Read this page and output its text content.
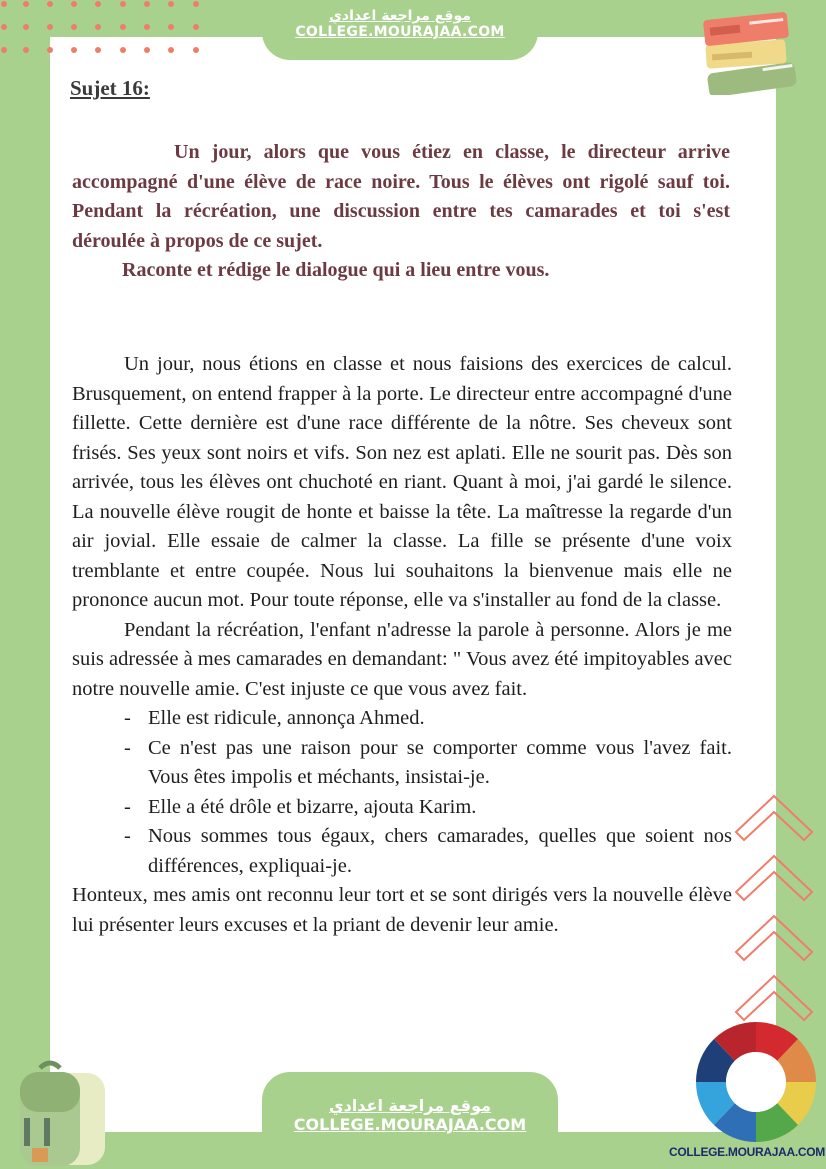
موقع مراجعة اعدادي
COLLEGE.MOURAJAA.COM
Sujet 16:

Un jour, alors que vous étiez en classe, le directeur arrive accompagné d'une élève de race noire. Tous le élèves ont rigolé sauf toi. Pendant la récréation, une discussion entre tes camarades et toi s'est déroulée à propos de ce sujet.

Raconte et rédige le dialogue qui a lieu entre vous.

Un jour, nous étions en classe et nous faisions des exercices de calcul. Brusquement, on entend frapper à la porte. Le directeur entre accompagné d'une fillette. Cette dernière est d'une race différente de la nôtre. Ses cheveux sont frisés. Ses yeux sont noirs et vifs. Son nez est aplati. Elle ne sourit pas. Dès son arrivée, tous les élèves ont chuchoté en riant. Quant à moi, j'ai gardé le silence. La nouvelle élève rougit de honte et baisse la tête. La maîtresse la regarde d'un air jovial. Elle essaie de calmer la classe. La fille se présente d'une voix tremblante et entre coupée. Nous lui souhaitons la bienvenue mais elle ne prononce aucun mot. Pour toute réponse, elle va s'installer au fond de la classe.

Pendant la récréation, l'enfant n'adresse la parole à personne. Alors je me suis adressée à mes camarades en demandant: " Vous avez été impitoyables avec notre nouvelle amie. C'est injuste ce que vous avez fait.

- Elle est ridicule, annonça Ahmed.
- Ce n'est pas une raison pour se comporter comme vous l'avez fait. Vous êtes impolis et méchants, insistai-je.
- Elle a été drôle et bizarre, ajouta Karim.
- Nous sommes tous égaux, chers camarades, quelles que soient nos différences, expliquai-je.

Honteux, mes amis ont reconnu leur tort et se sont dirigés vers la nouvelle élève lui présenter leurs excuses et la priant de devenir leur amie.

موقع مراجعة اعدادي
COLLEGE.MOURAJAA.COM
COLLEGE.MOURAJAA.COM
